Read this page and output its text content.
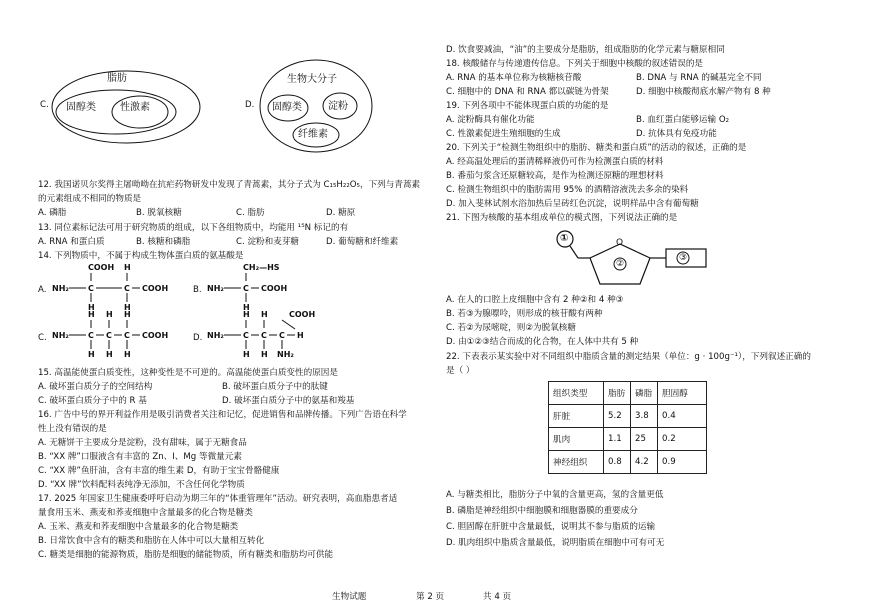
C.
脂肪
固醇类 性激素	D.
生物大分子
固醇类	淀粉
纤维素
12. 我国诺贝尔奖得主屠呦呦在抗疟药物研发中发现了青蒿素，其分子式为 C₁₅H₂₂O₅，下列与青蒿素
的元素组成不相同的物质是
A. 磷脂	B. 脱氧核糖	C. 脂肪	D. 糖原
13. 同位素标记法可用于研究物质的组成，以下各组物质中，均能用 ¹⁵N 标记的有
A. RNA 和蛋白质	B. 核糖和磷脂	C. 淀粉和麦芽糖	D. 葡萄糖和纤维素
14. 下列物质中，不属于构成生物体蛋白质的氨基酸是
A.	B.
C.	D.
COOH H
NH₂ C	C COOH
H	H
CH₂—HS
NH₂ C COOH
H
H H H
NH₂ C C C COOH
H H H
H H	COOH
NH₂ C C C H
H H NH₂
15. 高温能使蛋白质变性，这种变性是不可逆的。高温能使蛋白质变性的原因是
A. 破坏蛋白质分子的空间结构	B. 破坏蛋白质分子中的肽键
C. 破坏蛋白质分子中的 R 基	D. 破坏蛋白质分子中的氨基和羧基
16. 广告中号的界开利益作用是吸引消费者关注和记忆，促进销售和品牌传播。下列广告语在科学
性上没有错误的是
A. 无糖饼干主要成分是淀粉，没有甜味，属于无糖食品
B. “XX 牌”口服液含有丰富的 Zn、I、Mg 等微量元素
C. “XX 牌”鱼肝油，含有丰富的维生素 D，有助于宝宝骨骼健康
D. “XX 牌”饮料配料表纯净无添加，不含任何化学物质
17. 2025 年国家卫生健康委呼吁启动为期三年的“体重管理年”活动。研究表明，高血脂患者适
量食用玉米、燕麦和荞麦细胞中含量最多的化合物是糖类
A. 玉米、燕麦和荞麦细胞中含量最多的化合物是糖类
B. 日常饮食中含有的糖类和脂肪在人体中可以大量相互转化
C. 糖类是细胞的能源物质，脂肪是细胞的储能物质，所有糖类和脂肪均可供能
D. 饮食要减油，“油”的主要成分是脂肪，组成脂肪的化学元素与糖原相同
18. 核酸储存与传递遗传信息。下列关于细胞中核酸的叙述错误的是
A. RNA 的基本单位称为核糖核苷酸	B. DNA 与 RNA 的碱基完全不同
C. 细胞中的 DNA 和 RNA 都以碳链为骨架	D. 细胞中核酸彻底水解产物有 8 种
19. 下列各项中不能体现蛋白质的功能的是
A. 淀粉酶具有催化功能	B. 血红蛋白能够运输 O₂
C. 性激素促进生殖细胞的生成	D. 抗体具有免疫功能
20. 下列关于“检测生物组织中的脂肪、糖类和蛋白质”的活动的叙述，正确的是
A. 经高温处理后的蛋清稀释液仍可作为检测蛋白质的材料
B. 番茄匀浆含还原糖较高，是作为检测还原糖的理想材料
C. 检测生物组织中的脂肪需用 95% 的酒精溶液洗去多余的染料
D. 加入斐林试剂水浴加热后呈砖红色沉淀，说明样品中含有葡萄糖
21. 下图为核酸的基本组成单位的模式图，下列说法正确的是
①
②
③
O
A. 在人的口腔上皮细胞中含有 2 种②和 4 种③
B. 若③为腺嘌呤，则形成的核苷酸有两种
C. 若②为尿嘧啶，则②为脱氧核糖
D. 由①②③结合而成的化合物，在人体中共有 5 种
22. 下表表示某实验中对不同组织中脂质含量的测定结果（单位：g · 100g⁻¹），下列叙述正确的
是（ ）
组织类型	脂肪	磷脂	胆固醇
肝脏	5.2	3.8	0.4
肌肉	1.1	25	0.2
神经组织	0.8	4.2	0.9
A. 与糖类相比，脂肪分子中氧的含量更高，氢的含量更低
B. 磷脂是神经组织中细胞膜和细胞器膜的重要成分
C. 胆固醇在肝脏中含量最低，说明其不参与脂质的运输
D. 肌肉组织中脂质含量最低，说明脂质在细胞中可有可无
生物试题	第 2 页	共 4 页
